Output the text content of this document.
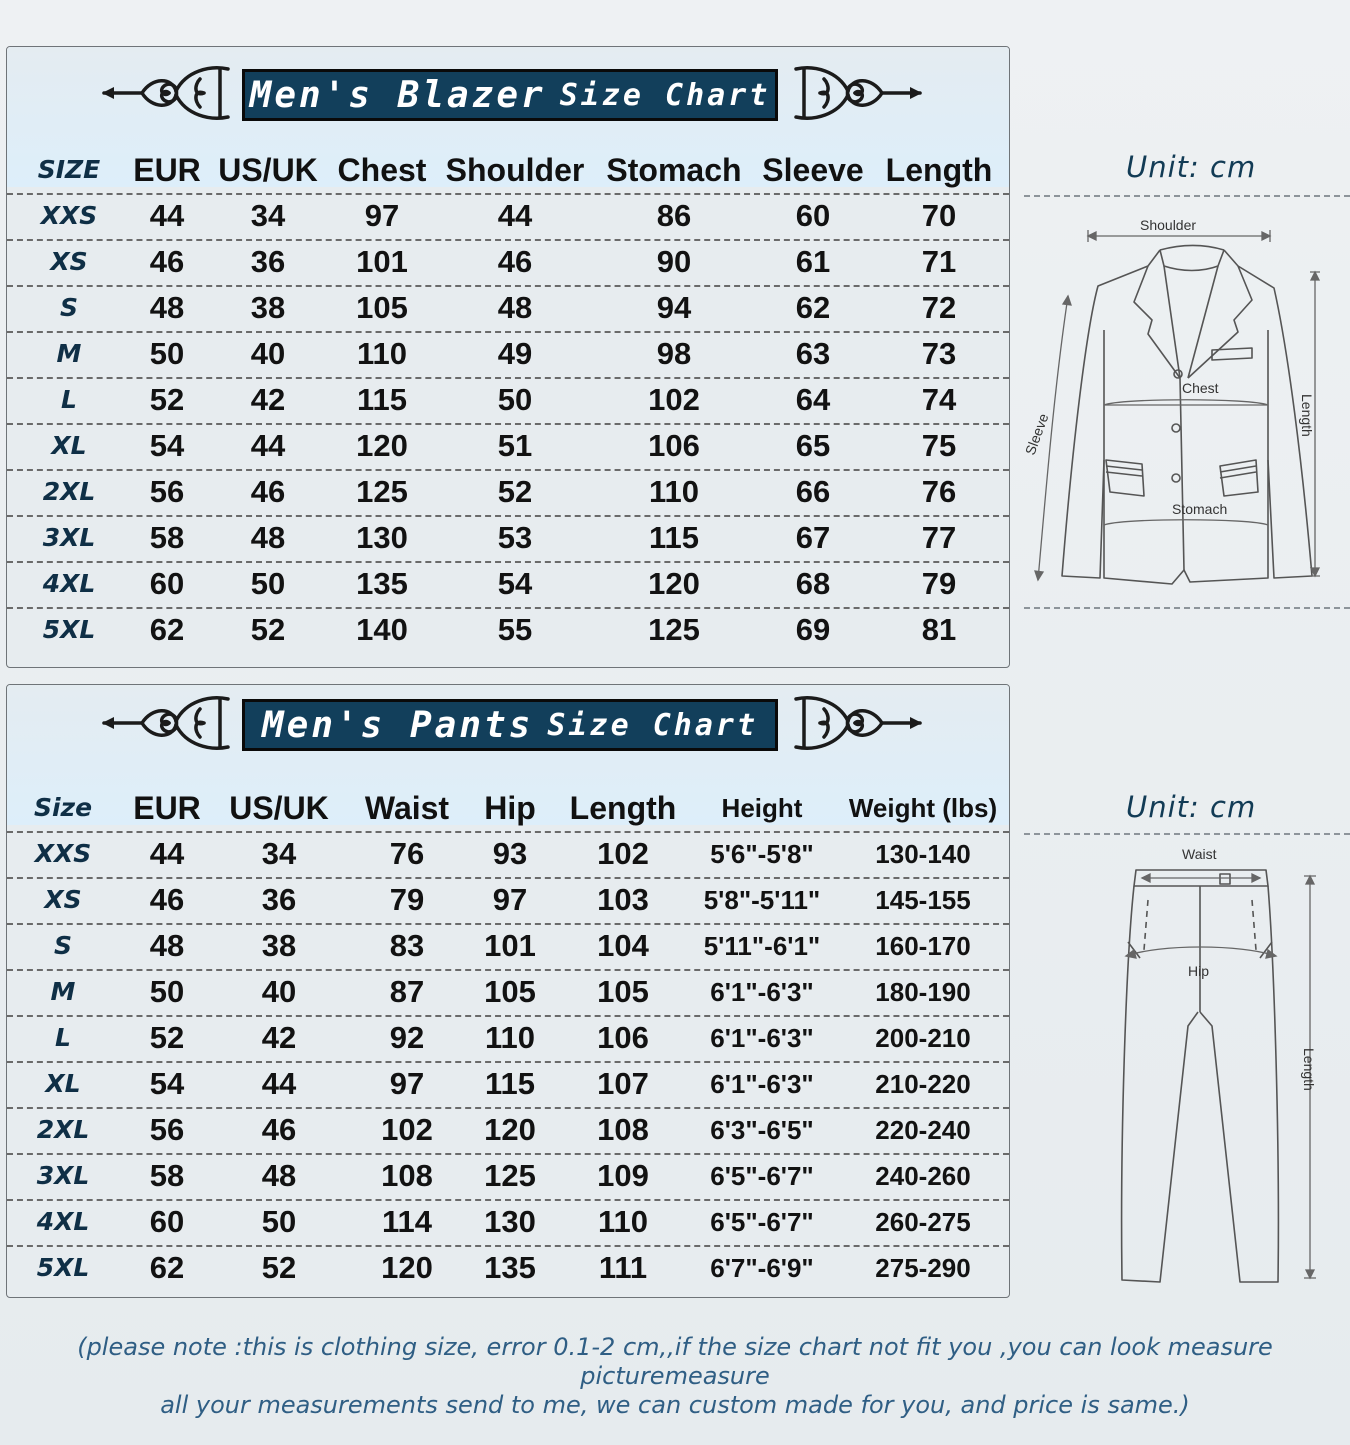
Men's Blazer Size Chart
SIZE EUR US/UK Chest Shoulder Stomach Sleeve Length
XXS	44	34	97	44	86	60	70
XS	46	36	101	46	90	61	71
S	48	38	105	48	94	62	72
M	50	40	110	49	98	63	73
L	52	42	115	50	102	64	74
XL	54	44	120	51	106	65	75
2XL	56	46	125	52	110	66	76
3XL	58	48	130	53	115	67	77
4XL	60	50	135	54	120	68	79
5XL	62	52	140	55	125	69	81
Unit: cm
Shoulder
Chest
Stomach
Sleeve	Length
Men's Pants Size Chart
Size	EUR US/UK	Waist	Hip	Length	Height	Weight (lbs)
XXS	44	34	76	93	102	5'6"-5'8"	130-140
XS	46	36	79	97	103	5'8"-5'11"	145-155
S	48	38	83	101	104	5'11"-6'1"	160-170
M	50	40	87	105	105	6'1"-6'3"	180-190
L	52	42	92	110	106	6'1"-6'3"	200-210
XL	54	44	97	115	107	6'1"-6'3"	210-220
2XL	56	46	102	120	108	6'3"-6'5"	220-240
3XL	58	48	108	125	109	6'5"-6'7"	240-260
4XL	60	50	114	130	110	6'5"-6'7"	260-275
5XL	62	52	120	135	111	6'7"-6'9"	275-290
Unit: cm
Waist
Hip
Length
(please note :this is clothing size, error 0.1-2 cm,,if the size chart not fit you ,you can look measure picturemeasure
all your measurements send to me, we can custom made for you, and price is same.)
